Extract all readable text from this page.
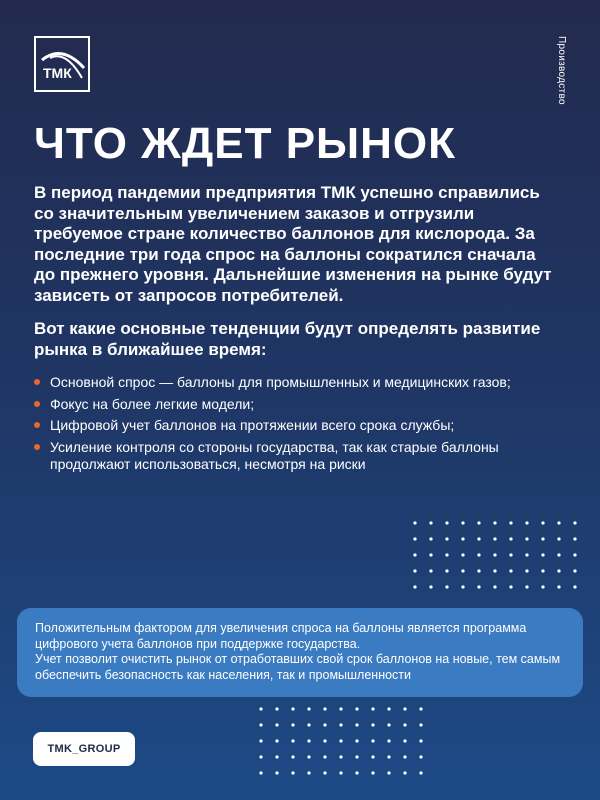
ТМК	Производство
ЧТО ЖДЕТ РЫНОК

В период пандемии предприятия ТМК успешно справились со значительным увеличением заказов и отгрузили требуемое стране количество баллонов для кислорода. За последние три года спрос на баллоны сократился сначала до прежнего уровня. Дальнейшие изменения на рынке будут зависеть от запросов потребителей.

Вот какие основные тенденции будут определять развитие рынка в ближайшее время:

Основной спрос — баллоны для промышленных и медицинских газов;
Фокус на более легкие модели;
Цифровой учет баллонов на протяжении всего срока службы;
Усиление контроля со стороны государства, так как старые баллоны продолжают использоваться, несмотря на риски

Положительным фактором для увеличения спроса на баллоны является программа цифрового учета баллонов при поддержке государства.

Учет позволит очистить рынок от отработавших свой срок баллонов на новые, тем самым обеспечить безопасность как населения, так и промышленности

TMK_GROUP
